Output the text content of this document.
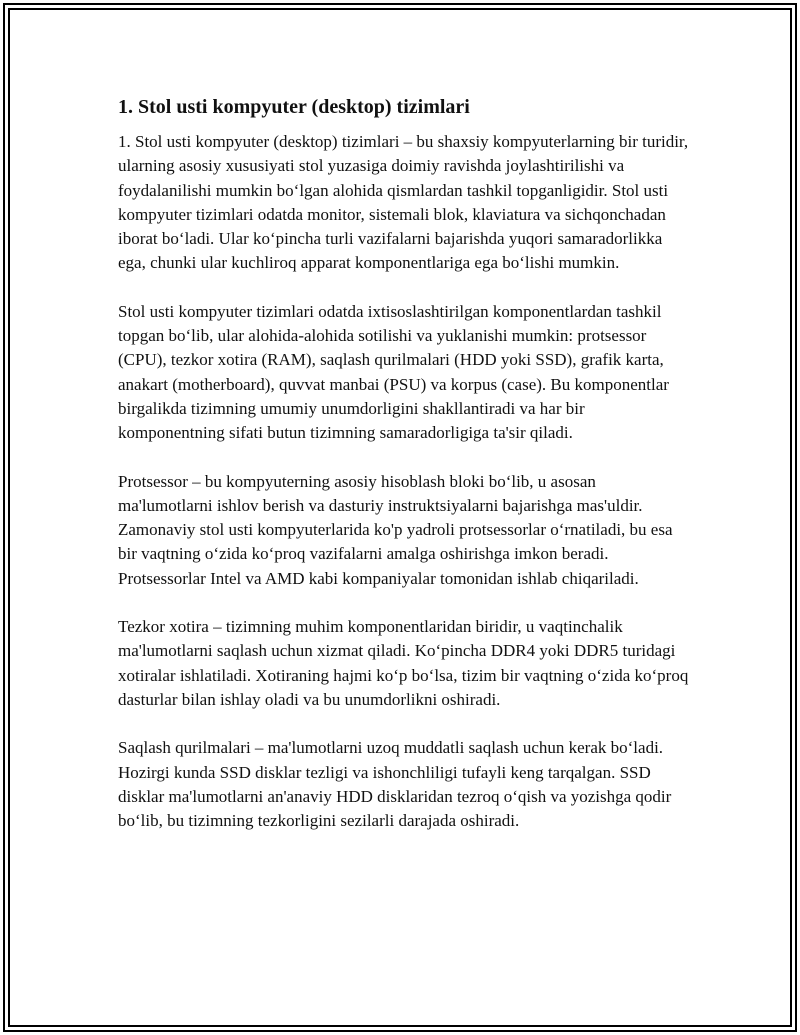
1. Stol usti kompyuter (desktop) tizimlari

1. Stol usti kompyuter (desktop) tizimlari – bu shaxsiy kompyuterlarning bir turidir, ularning asosiy xususiyati stol yuzasiga doimiy ravishda joylashtirilishi va foydalanilishi mumkin bo‘lgan alohida qismlardan tashkil topganligidir. Stol usti kompyuter tizimlari odatda monitor, sistemali blok, klaviatura va sichqonchadan iborat bo‘ladi. Ular ko‘pincha turli vazifalarni bajarishda yuqori samaradorlikka ega, chunki ular kuchliroq apparat komponentlariga ega bo‘lishi mumkin.

Stol usti kompyuter tizimlari odatda ixtisoslashtirilgan komponentlardan tashkil topgan bo‘lib, ular alohida-alohida sotilishi va yuklanishi mumkin: protsessor (CPU), tezkor xotira (RAM), saqlash qurilmalari (HDD yoki SSD), grafik karta, anakart (motherboard), quvvat manbai (PSU) va korpus (case). Bu komponentlar birgalikda tizimning umumiy unumdorligini shakllantiradi va har bir komponentning sifati butun tizimning samaradorligiga ta'sir qiladi.

Protsessor – bu kompyuterning asosiy hisoblash bloki bo‘lib, u asosan ma'lumotlarni ishlov berish va dasturiy instruktsiyalarni bajarishga mas'uldir. Zamonaviy stol usti kompyuterlarida ko'p yadroli protsessorlar o‘rnatiladi, bu esa bir vaqtning o‘zida ko‘proq vazifalarni amalga oshirishga imkon beradi. Protsessorlar Intel va AMD kabi kompaniyalar tomonidan ishlab chiqariladi.

Tezkor xotira – tizimning muhim komponentlaridan biridir, u vaqtinchalik ma'lumotlarni saqlash uchun xizmat qiladi. Ko‘pincha DDR4 yoki DDR5 turidagi xotiralar ishlatiladi. Xotiraning hajmi ko‘p bo‘lsa, tizim bir vaqtning o‘zida ko‘proq dasturlar bilan ishlay oladi va bu unumdorlikni oshiradi.

Saqlash qurilmalari – ma'lumotlarni uzoq muddatli saqlash uchun kerak bo‘ladi. Hozirgi kunda SSD disklar tezligi va ishonchliligi tufayli keng tarqalgan. SSD disklar ma'lumotlarni an'anaviy HDD disklaridan tezroq o‘qish va yozishga qodir bo‘lib, bu tizimning tezkorligini sezilarli darajada oshiradi.
